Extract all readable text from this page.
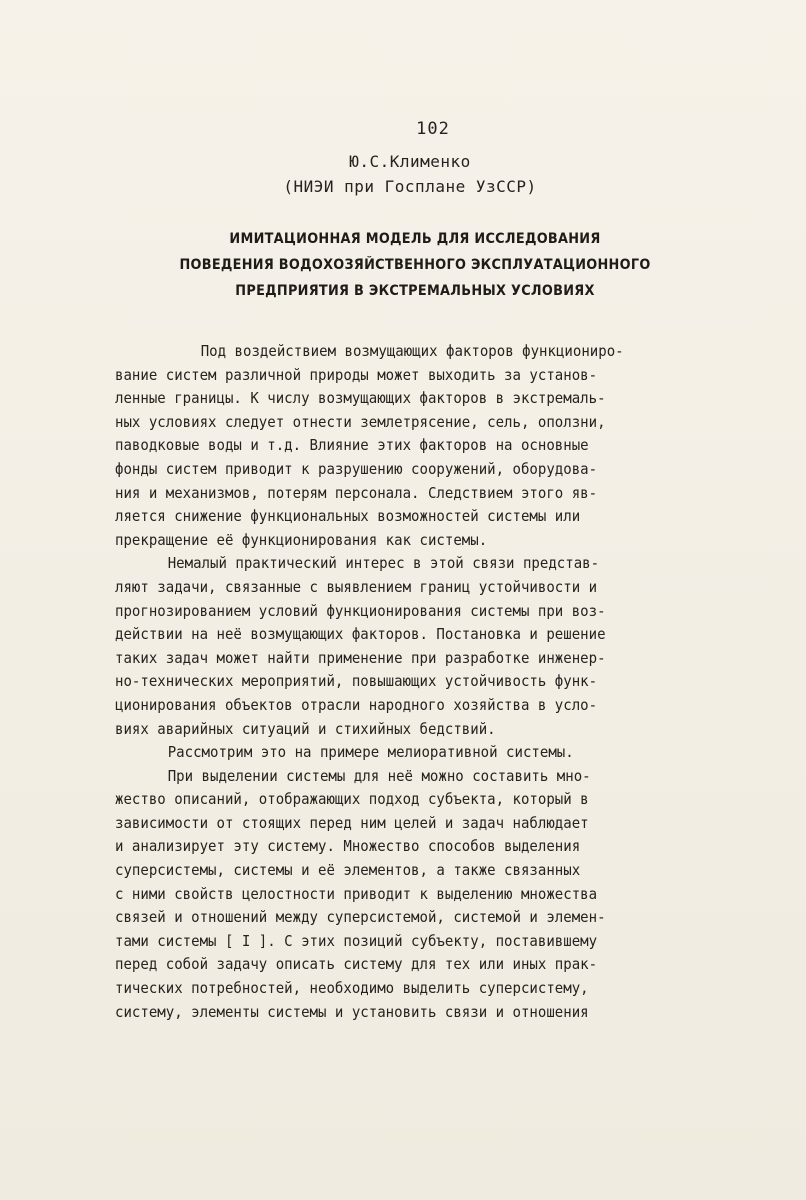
102
Ю.С.Клименко
(НИЭИ при Госплане УзССР)
ИМИТАЦИОННАЯ МОДЕЛЬ ДЛЯ ИССЛЕДОВАНИЯ
ПОВЕДЕНИЯ ВОДОХОЗЯЙСТВЕННОГО ЭКСПЛУАТАЦИОННОГО
ПРЕДПРИЯТИЯ В ЭКСТРЕМАЛЬНЫХ УСЛОВИЯХ
Под воздействием возмущающих факторов функциониро-
вание систем различной природы может выходить за установ-
ленные границы. К числу возмущающих факторов в экстремаль-
ных условиях следует отнести землетрясение, сель, оползни,
паводковые воды и т.д. Влияние этих факторов на основные
фонды систем приводит к разрушению сооружений, оборудова-
ния и механизмов, потерям персонала. Следствием этого яв-
ляется снижение функциональных возможностей системы или
прекращение её функционирования как системы.
Немалый практический интерес в этой связи представ-
ляют задачи, связанные с выявлением границ устойчивости и
прогнозированием условий функционирования системы при воз-
действии на неё возмущающих факторов. Постановка и решение
таких задач может найти применение при разработке инженер-
но-технических мероприятий, повышающих устойчивость функ-
ционирования объектов отрасли народного хозяйства в усло-
виях аварийных ситуаций и стихийных бедствий.
Рассмотрим это на примере мелиоративной системы.
При выделении системы для неё можно составить мно-
жество описаний, отображающих подход субъекта, который в
зависимости от стоящих перед ним целей и задач наблюдает
и анализирует эту систему. Множество способов выделения
суперсистемы, системы и её элементов, а также связанных
с ними свойств целостности приводит к выделению множества
связей и отношений между суперсистемой, системой и элемен-
тами системы [ I ]. С этих позиций субъекту, поставившему
перед собой задачу описать систему для тех или иных прак-
тических потребностей, необходимо выделить суперсистему,
систему, элементы системы и установить связи и отношения
